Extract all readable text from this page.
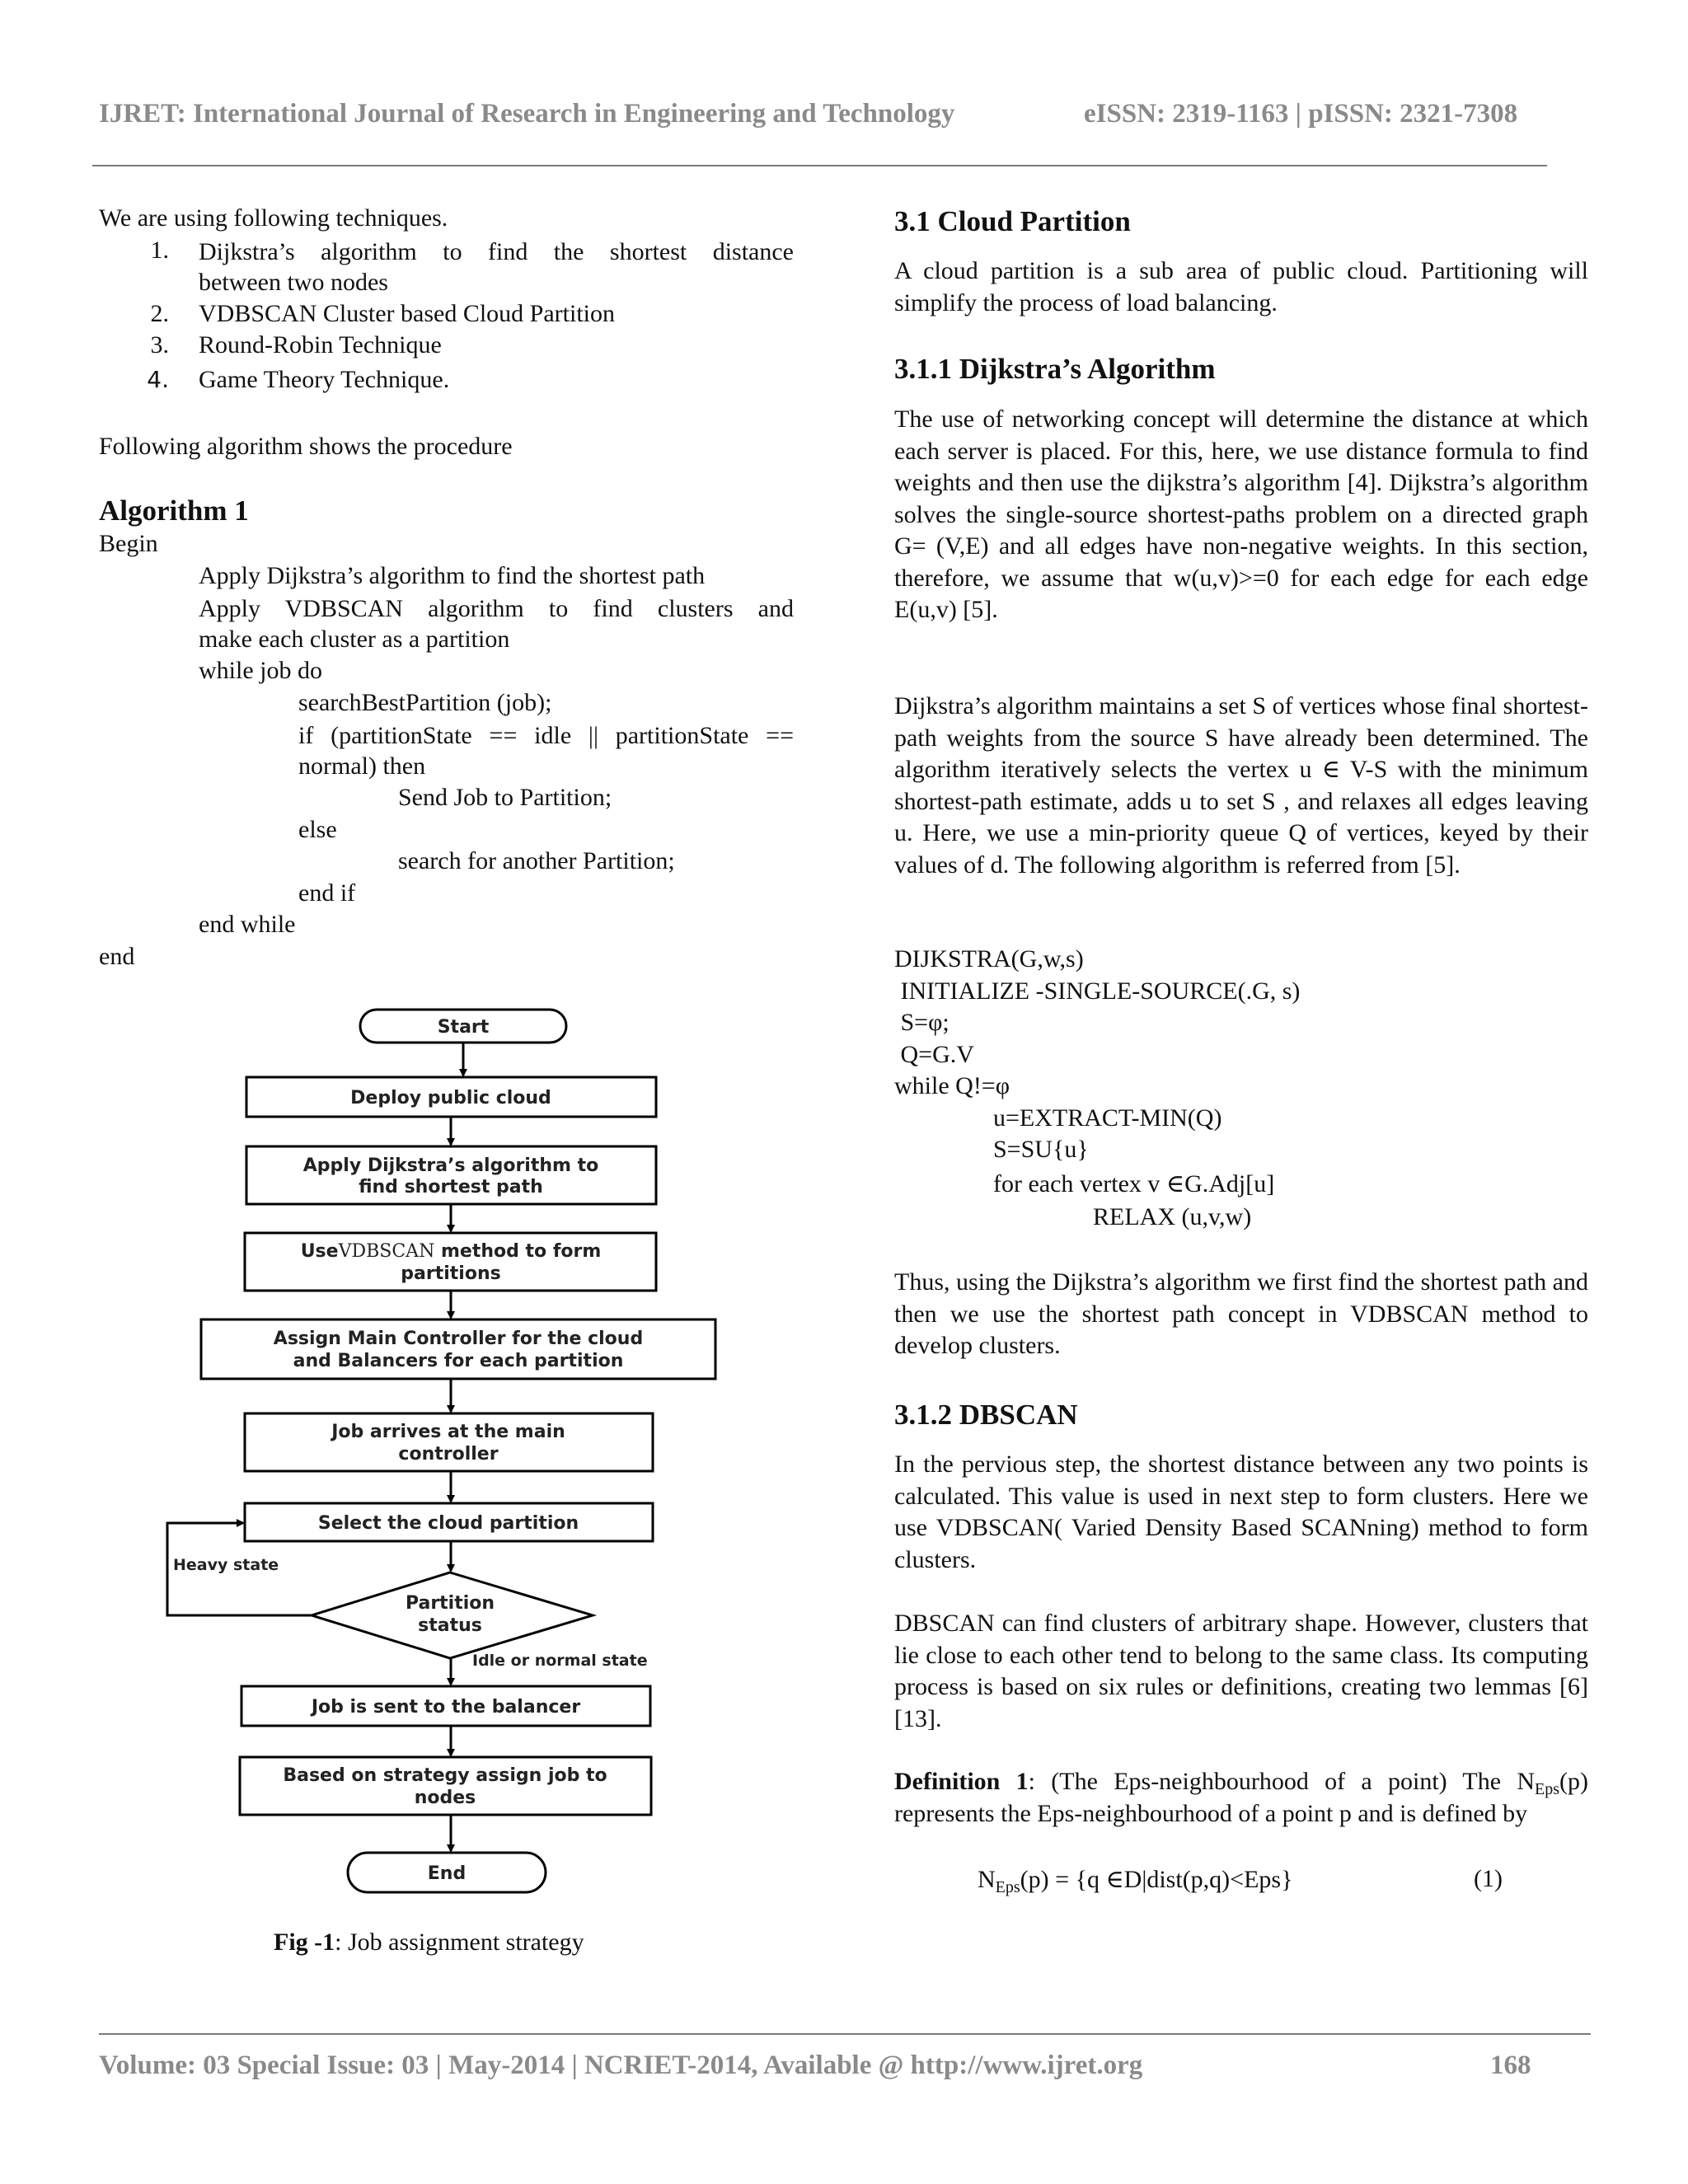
IJRET: International Journal of Research in Engineering and Technology	eISSN: 2319-1163 | pISSN: 2321-7308
We are using following techniques.
1. Dijkstra’s algorithm to find the shortest distance
between two nodes
2. VDBSCAN Cluster based Cloud Partition
3. Round-Robin Technique
4. Game Theory Technique.
Following algorithm shows the procedure
Algorithm 1
Begin
Apply Dijkstra’s algorithm to find the shortest path
Apply VDBSCAN algorithm to find clusters and
make each cluster as a partition
while job do
searchBestPartition (job);
if (partitionState == idle || partitionState ==
normal) then
Send Job to Partition;
else
search for another Partition;
end if
end while
end
Start
Deploy public cloud
Apply Dijkstra’s algorithm to
find shortest path
UseVDBSCAN method to form
partitions
Assign Main Controller for the cloud
and Balancers for each partition
Job arrives at the main
controller
Select the cloud partition
Partition
status
Job is sent to the balancer
Based on strategy assign job to
nodes
End
Heavy state
Idle or normal state
Fig -1: Job assignment strategy
3.1 Cloud Partition
A cloud partition is a sub area of public cloud. Partitioning will simplify the process of load balancing.
3.1.1 Dijkstra’s Algorithm
The use of networking concept will determine the distance at which each server is placed. For this, here, we use distance formula to find weights and then use the dijkstra’s algorithm [4]. Dijkstra’s algorithm solves the single-source shortest-paths problem on a directed graph G= (V,E) and all edges have non-negative weights. In this section, therefore, we assume that w(u,v)>=0 for each edge for each edge E(u,v) [5].
Dijkstra’s algorithm maintains a set S of vertices whose final shortest-path weights from the source S have already been determined. The algorithm iteratively selects the vertex u ∈ V-S with the minimum shortest-path estimate, adds u to set S , and relaxes all edges leaving u. Here, we use a min-priority queue Q of vertices, keyed by their values of d. The following algorithm is referred from [5].
DIJKSTRA(G,w,s)
INITIALIZE -SINGLE-SOURCE(.G, s)
S=φ;
Q=G.V
while Q!=φ
u=EXTRACT-MIN(Q)
S=SU{u}
for each vertex v ∈G.Adj[u]
RELAX (u,v,w)
Thus, using the Dijkstra’s algorithm we first find the shortest path and then we use the shortest path concept in VDBSCAN method to develop clusters.
3.1.2 DBSCAN
In the pervious step, the shortest distance between any two points is calculated. This value is used in next step to form clusters. Here we use VDBSCAN( Varied Density Based SCANning) method to form clusters.
DBSCAN can find clusters of arbitrary shape. However, clusters that lie close to each other tend to belong to the same class. Its computing process is based on six rules or definitions, creating two lemmas [6][13].
Definition 1: (The Eps-neighbourhood of a point) The $N_{Eps}(p)$ represents the Eps-neighbourhood of a point p and is defined by
$N_{Eps}(p) = \{q$ ∈D|dist(p,q)<Eps}	(1)
Volume: 03 Special Issue: 03 | May-2014 | NCRIET-2014, Available @ http://www.ijret.org	168
